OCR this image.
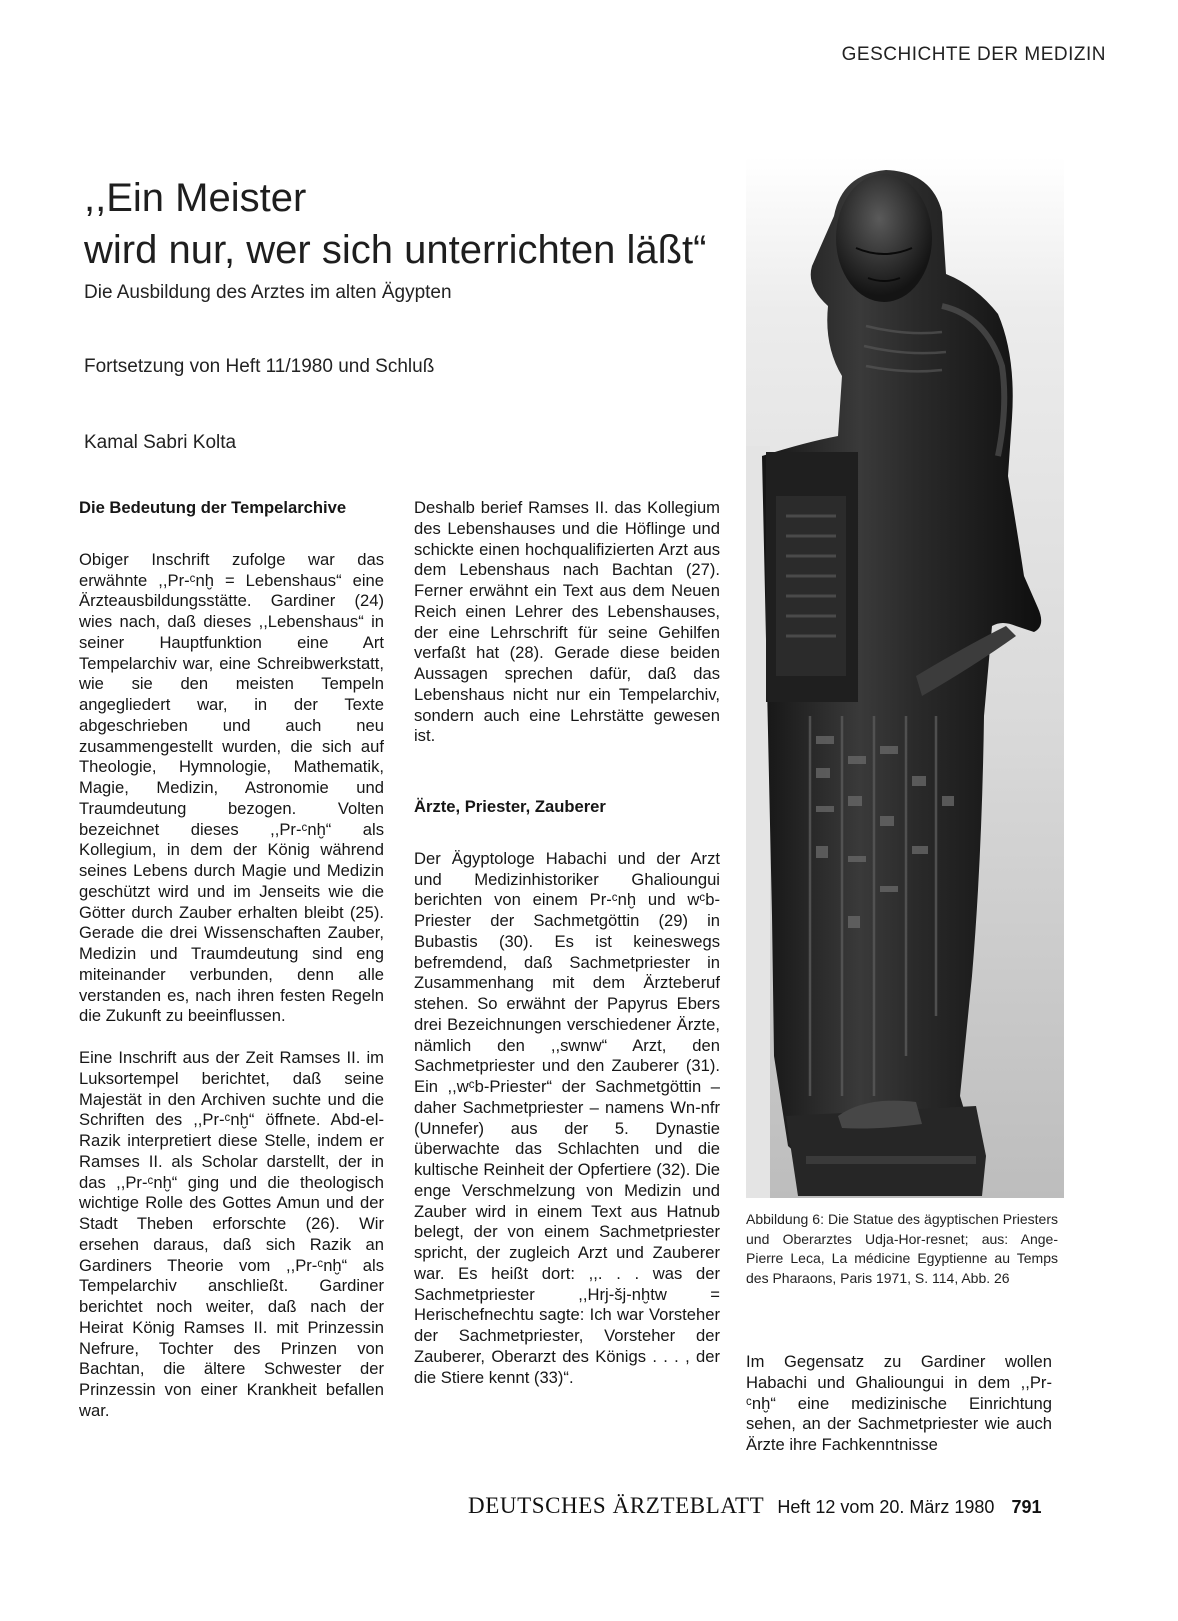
GESCHICHTE DER MEDIZIN
,,Ein Meister
wird nur, wer sich unterrichten läßt“
Die Ausbildung des Arztes im alten Ägypten
Fortsetzung von Heft 11/1980 und Schluß
Kamal Sabri Kolta
Die Bedeutung der Tempelarchive

Obiger Inschrift zufolge war das erwähnte ,,Pr-ᶜnḫ = Lebenshaus“ eine Ärzteausbildungsstätte. Gardiner (24) wies nach, daß dieses ,,Lebenshaus“ in seiner Hauptfunktion eine Art Tempelarchiv war, eine Schreibwerkstatt, wie sie den meisten Tempeln angegliedert war, in der Texte abgeschrieben und auch neu zusammengestellt wurden, die sich auf Theologie, Hymnologie, Mathematik, Magie, Medizin, Astronomie und Traumdeutung bezogen. Volten bezeichnet dieses ,,Pr-ᶜnḫ“ als Kollegium, in dem der König während seines Lebens durch Magie und Medizin geschützt wird und im Jenseits wie die Götter durch Zauber erhalten bleibt (25). Gerade die drei Wissenschaften Zauber, Medizin und Traumdeutung sind eng miteinander verbunden, denn alle verstanden es, nach ihren festen Regeln die Zukunft zu beeinflussen.

Eine Inschrift aus der Zeit Ramses II. im Luksortempel berichtet, daß seine Majestät in den Archiven suchte und die Schriften des ,,Pr-ᶜnḫ“ öffnete. Abd-el-Razik interpretiert diese Stelle, indem er Ramses II. als Scholar darstellt, der in das ,,Pr-ᶜnḫ“ ging und die theologisch wichtige Rolle des Gottes Amun und der Stadt Theben erforschte (26). Wir ersehen daraus, daß sich Razik an Gardiners Theorie vom ,,Pr-ᶜnḫ“ als Tempelarchiv anschließt. Gardiner berichtet noch weiter, daß nach der Heirat König Ramses II. mit Prinzessin Nefrure, Tochter des Prinzen von Bachtan, die ältere Schwester der Prinzessin von einer Krankheit befallen war.

Deshalb berief Ramses II. das Kollegium des Lebenshauses und die Höflinge und schickte einen hochqualifizierten Arzt aus dem Lebenshaus nach Bachtan (27). Ferner erwähnt ein Text aus dem Neuen Reich einen Lehrer des Lebenshauses, der eine Lehrschrift für seine Gehilfen verfaßt hat (28). Gerade diese beiden Aussagen sprechen dafür, daß das Lebenshaus nicht nur ein Tempelarchiv, sondern auch eine Lehrstätte gewesen ist.

Ärzte, Priester, Zauberer

Der Ägyptologe Habachi und der Arzt und Medizinhistoriker Ghalioungui berichten von einem Pr-ᶜnḫ und wᶜb-Priester der Sachmetgöttin (29) in Bubastis (30). Es ist keineswegs befremdend, daß Sachmetpriester in Zusammenhang mit dem Ärzteberuf stehen. So erwähnt der Papyrus Ebers drei Bezeichnungen verschiedener Ärzte, nämlich den ,,swnw“ Arzt, den Sachmetpriester und den Zauberer (31). Ein ,,wᶜb-Priester“ der Sachmetgöttin – daher Sachmetpriester – namens Wn-nfr (Unnefer) aus der 5. Dynastie überwachte das Schlachten und die kultische Reinheit der Opfertiere (32). Die enge Verschmelzung von Medizin und Zauber wird in einem Text aus Hatnub belegt, der von einem Sachmetpriester spricht, der zugleich Arzt und Zauberer war. Es heißt dort: ,,. . . was der Sachmetpriester ,,Hrj-šj-nḫtw = Herischefnechtu sagte: Ich war Vorsteher der Sachmetpriester, Vorsteher der Zauberer, Oberarzt des Königs . . . , der die Stiere kennt (33)“.

Abbildung 6: Die Statue des ägyptischen Priesters und Oberarztes Udja-Hor-resnet; aus: Ange-Pierre Leca, La médicine Egyptienne au Temps des Pharaons, Paris 1971, S. 114, Abb. 26

Im Gegensatz zu Gardiner wollen Habachi und Ghalioungui in dem ,,Pr-ᶜnḫ“ eine medizinische Einrichtung sehen, an der Sachmetpriester wie auch Ärzte ihre Fachkenntnisse

DEUTSCHES ÄRZTEBLATT Heft 12 vom 20. März 1980 791
